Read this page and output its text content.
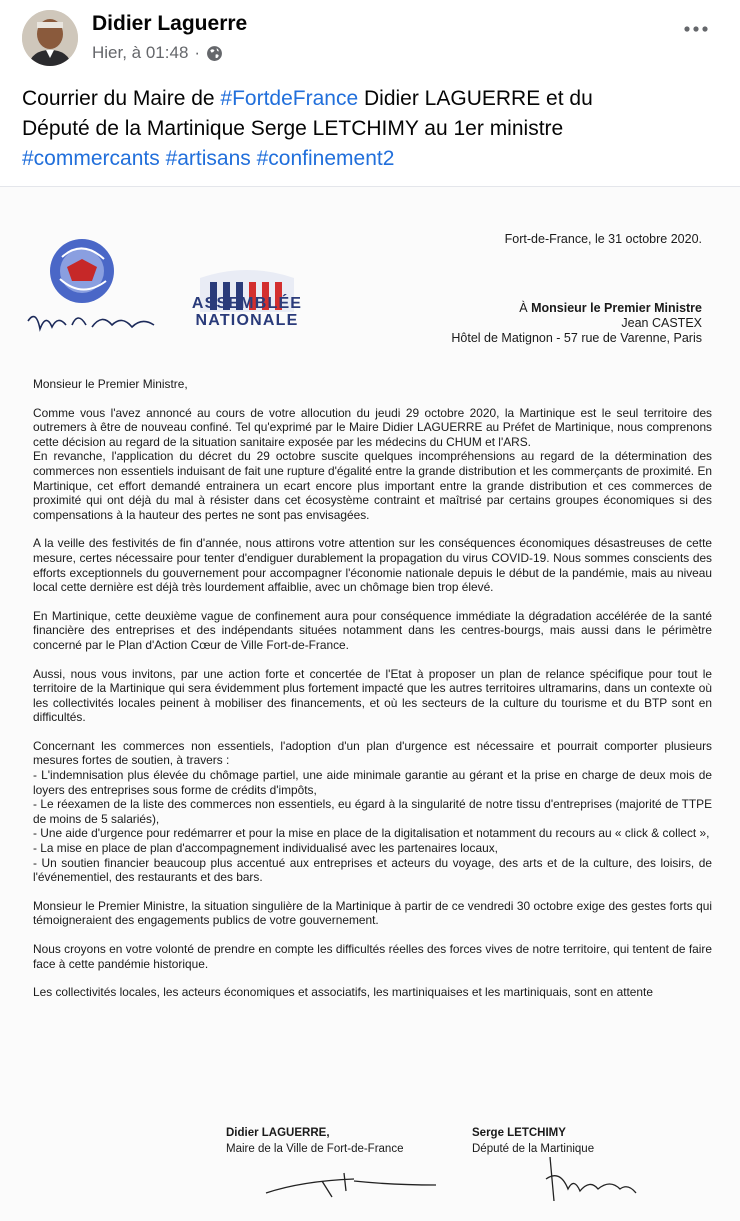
Didier Laguerre
Hier, à 01:48 ·
Courrier du Maire de #FortdeFrance Didier LAGUERRE et du Député de la Martinique Serge LETCHIMY au 1er ministre #commercants #artisans #confinement2
ASSEMBLÉE
NATIONALE
Fort-de-France, le 31 octobre 2020.
À Monsieur le Premier Ministre
Jean CASTEX
Hôtel de Matignon - 57 rue de Varenne, Paris

Monsieur le Premier Ministre,

Comme vous l'avez annoncé au cours de votre allocution du jeudi 29 octobre 2020, la Martinique est le seul territoire des outremers à être de nouveau confiné. Tel qu'exprimé par le Maire Didier LAGUERRE au Préfet de Martinique, nous comprenons cette décision au regard de la situation sanitaire exposée par les médecins du CHUM et l'ARS.

En revanche, l'application du décret du 29 octobre suscite quelques incompréhensions au regard de la détermination des commerces non essentiels induisant de fait une rupture d'égalité entre la grande distribution et les commerçants de proximité. En Martinique, cet effort demandé entrainera un ecart encore plus important entre la grande distribution et ces commerces de proximité qui ont déjà du mal à résister dans cet écosystème contraint et maîtrisé par certains groupes économiques si des compensations à la hauteur des pertes ne sont pas envisagées.

A la veille des festivités de fin d'année, nous attirons votre attention sur les conséquences économiques désastreuses de cette mesure, certes nécessaire pour tenter d'endiguer durablement la propagation du virus COVID-19. Nous sommes conscients des efforts exceptionnels du gouvernement pour accompagner l'économie nationale depuis le début de la pandémie, mais au niveau local cette dernière est déjà très lourdement affaiblie, avec un chômage bien trop élevé.

En Martinique, cette deuxième vague de confinement aura pour conséquence immédiate la dégradation accélérée de la santé financière des entreprises et des indépendants situées notamment dans les centres-bourgs, mais aussi dans le périmètre concerné par le Plan d'Action Cœur de Ville Fort-de-France.

Aussi, nous vous invitons, par une action forte et concertée de l'Etat à proposer un plan de relance spécifique pour tout le territoire de la Martinique qui sera évidemment plus fortement impacté que les autres territoires ultramarins, dans un contexte où les collectivités locales peinent à mobiliser des financements, et où les secteurs de la culture du tourisme et du BTP sont en difficultés.

Concernant les commerces non essentiels, l'adoption d'un plan d'urgence est nécessaire et pourrait comporter plusieurs mesures fortes de soutien, à travers :
- L'indemnisation plus élevée du chômage partiel, une aide minimale garantie au gérant et la prise en charge de deux mois de loyers des entreprises sous forme de crédits d'impôts,
- Le réexamen de la liste des commerces non essentiels, eu égard à la singularité de notre tissu d'entreprises (majorité de TTPE de moins de 5 salariés),
- Une aide d'urgence pour redémarrer et pour la mise en place de la digitalisation et notamment du recours au « click & collect »,
- La mise en place de plan d'accompagnement individualisé avec les partenaires locaux,
- Un soutien financier beaucoup plus accentué aux entreprises et acteurs du voyage, des arts et de la culture, des loisirs, de l'événementiel, des restaurants et des bars.

Monsieur le Premier Ministre, la situation singulière de la Martinique à partir de ce vendredi 30 octobre exige des gestes forts qui témoigneraient des engagements publics de votre gouvernement.

Nous croyons en votre volonté de prendre en compte les difficultés réelles des forces vives de notre territoire, qui tentent de faire face à cette pandémie historique.

Les collectivités locales, les acteurs économiques et associatifs, les martiniquaises et les martiniquais, sont en attente

Didier LAGUERRE,
Maire de la Ville de Fort-de-France
Serge LETCHIMY
Député de la Martinique
